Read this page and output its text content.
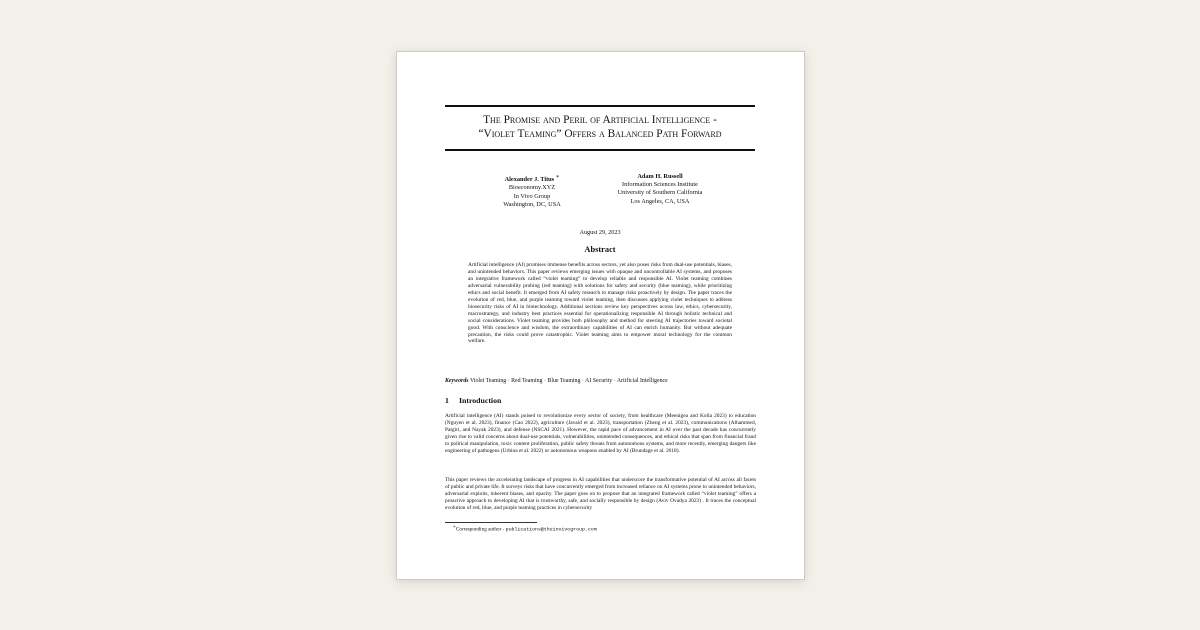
The Promise and Peril of Artificial Intelligence -
“Violet Teaming” Offers a Balanced Path Forward
Alexander J. Titus ∗
Bioeconomy.XYZ
In Vivo Group
Washington, DC, USA
Adam H. Russell
Information Sciences Institute
University of Southern California
Los Angeles, CA, USA
August 29, 2023
Abstract
Artificial intelligence (AI) promises immense benefits across sectors, yet also poses risks from dual-use potentials, biases, and unintended behaviors. This paper reviews emerging issues with opaque and uncontrollable AI systems, and proposes an integrative framework called “violet teaming” to develop reliable and responsible AI. Violet teaming combines adversarial vulnerability probing (red teaming) with solutions for safety and security (blue teaming), while prioritizing ethics and social benefit. It emerged from AI safety research to manage risks proactively by design. The paper traces the evolution of red, blue, and purple teaming toward violet teaming, then discusses applying violet techniques to address biosecurity risks of AI in biotechnology. Additional sections review key perspectives across law, ethics, cybersecurity, macrostrategy, and industry best practices essential for operationalizing responsible AI through holistic technical and social considerations. Violet teaming provides both philosophy and method for steering AI trajectories toward societal good. With conscience and wisdom, the extraordinary capabilities of AI can enrich humanity. But without adequate precaution, the risks could prove catastrophic. Violet teaming aims to empower moral technology for the common welfare.
Keywords Violet Teaming · Red Teaming · Blue Teaming · AI Security · Artificial Intelligence
1 Introduction
Artificial intelligence (AI) stands poised to revolutionize every sector of society, from healthcare (Meenigea and Kolla 2023) to education (Nguyen et al. 2023), finance (Cao 2022), agriculture (Javaid et al. 2023), transportation (Zheng et al. 2023), communications (Alhammed, Patgiri, and Nayak 2023), and defense (NSCAI 2021). However, the rapid pace of advancement in AI over the past decade has concurrently given rise to valid concerns about dual-use potentials, vulnerabilities, unintended consequences, and ethical risks that span from financial fraud to political manipulation, toxic content proliferation, public safety threats from autonomous systems, and more recently, emerging dangers like engineering of pathogens (Urbina et al. 2022) or autonomous weapons enabled by AI (Brundage et al. 2018).
This paper reviews the accelerating landscape of progress in AI capabilities that underscore the transformative potential of AI across all facets of public and private life. It surveys risks that have concurrently emerged from increased reliance on AI systems prone to unintended behaviors, adversarial exploits, inherent biases, and opacity. The paper goes on to propose that an integrated framework called “violet teaming” offers a proactive approach to developing AI that is trustworthy, safe, and socially responsible by design (Aviv Ovadya 2023) . It traces the conceptual evolution of red, blue, and purple teaming practices in cybersecurity
∗Corresponding author - publications@theinvivogroup.com
